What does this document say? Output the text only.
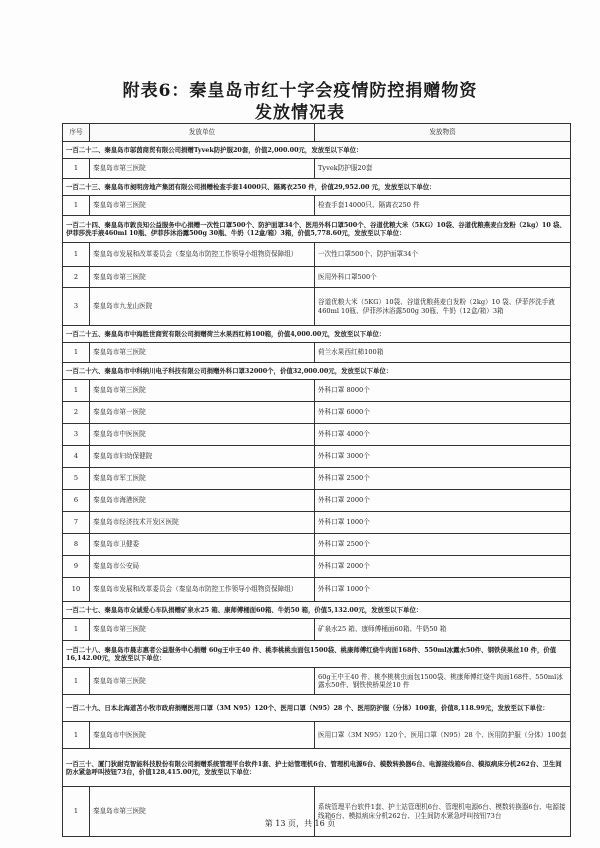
附表6：秦皇岛市红十字会疫情防控捐赠物资
发放情况表
序号	发放单位	发放物资
一百二十二、秦皇岛市邬茵商贸有限公司捐赠Tyvek防护服20套，价值2,000.00元，发放至以下单位：		
1	秦皇岛市第三医院	Tyvek防护服20套
一百二十三、秦皇岛市昶明房地产集团有限公司捐赠检查手套14000只、隔离衣250 件，价值29,952.00 元，发放至以下单位：		
1	秦皇岛市第三医院	检查手套14000只、隔离衣250 件
一百二十四、秦皇岛市敦良知公益服务中心捐赠一次性口罩500个、防护面罩34个、医用外科口罩500个、谷道优粮大米（5KG）10袋、谷道优粮燕麦白发粉（2kg）10 袋、伊菲莎洗手液460ml 10瓶、伊菲莎沐浴露500g 30瓶、牛奶（12盒/箱）3箱，价值5,778.60元，发放至以下单位：		
1	秦皇岛市发展和改革委员会（秦皇岛市防控工作领导小组物资保障组）	一次性口罩500个、防护面罩34个
2	秦皇岛市第三医院	医用外科口罩500个
3	秦皇岛市九龙山医院	谷道优粮大米（5KG）10袋、谷道优粮燕麦白发粉（2kg）10 袋、伊菲莎洗手液460ml 10瓶、伊菲莎沐浴露500g 30瓶、牛奶（12盒/箱）3箱
一百二十五、秦皇岛市中海胜世商贸有限公司捐赠荷兰水果西红柿100箱，价值4,000.00元，发放至以下单位：		
1	秦皇岛市第三医院	荷兰水果西红柿100箱
一百二十六、秦皇岛市中科纳川电子科技有限公司捐赠外科口罩32000个，价值32,000.00元，发放至以下单位：		
1	秦皇岛市第三医院	外科口罩 8000个
2	秦皇岛市第一医院	外科口罩 6000个
3	秦皇岛市中医医院	外科口罩 4000个
4	秦皇岛市妇幼保健院	外科口罩 3000个
5	秦皇岛市军工医院	外科口罩 2500个
6	秦皇岛市海港医院	外科口罩 2000个
7	秦皇岛市经济技术开发区医院	外科口罩 1000个
8	秦皇岛市卫健委	外科口罩 2500个
9	秦皇岛市公安局	外科口罩 2000个
10	秦皇岛市发展和改革委员会（秦皇岛市防控工作领导小组物资保障组）	外科口罩 1000个
一百二十七、秦皇岛市众诚爱心车队捐赠矿泉水25 箱、康师傅桶面60箱、牛奶50 箱，价值5,132.00元，发放至以下单位：		
1	秦皇岛市第三医院	矿泉水25 箱、康师傅桶面60箱、牛奶50 箱
一百二十八、秦皇岛市晨志惠者公益服务中心捐赠 60g王中王40 件、桃李桃桃虫面包1500袋、桃康师傅红烧牛肉面168件、550ml冰露水50件、钢铁侠果丝10 件，价值16,142.00元，发放至以下单位：		
1	秦皇岛市第三医院	60g王中王40 件、桃李桃桃虫面包1500袋、桃康师傅红烧牛肉面168件、550ml冰露水50件、钢铁侠桥果丝10 件
一百二十九、日本北海道苫小牧市政府捐赠医用口罩（3M N95）120个、医用口罩（N95）28 个、医用防护服（分体）100套，价值8,118.99元，发放至以下单位：		
1	秦皇岛市中医医院	医用口罩（3M N95）120个、医用口罩（N95）28 个、医用防护服（分体）100套
一百三十、厦门狄耐克智能科技股份有限公司捐赠系统管理平台软件1套、护士站管理机6台、管理机电源6台、模数转换器6台、电源接线箱6台、模拟病床分机262台、卫生间防水紧急呼叫按钮73台，价值128,415.00元，发放至以下单位：		
1	秦皇岛市第三医院	系统管理平台软件1套、护士站管理机6台、管理机电源6台、模数转换器6台、电源接线箱6台、模拟病床分机262台、卫生间防水紧急呼叫按钮73台
第 13 页，共 16 页
